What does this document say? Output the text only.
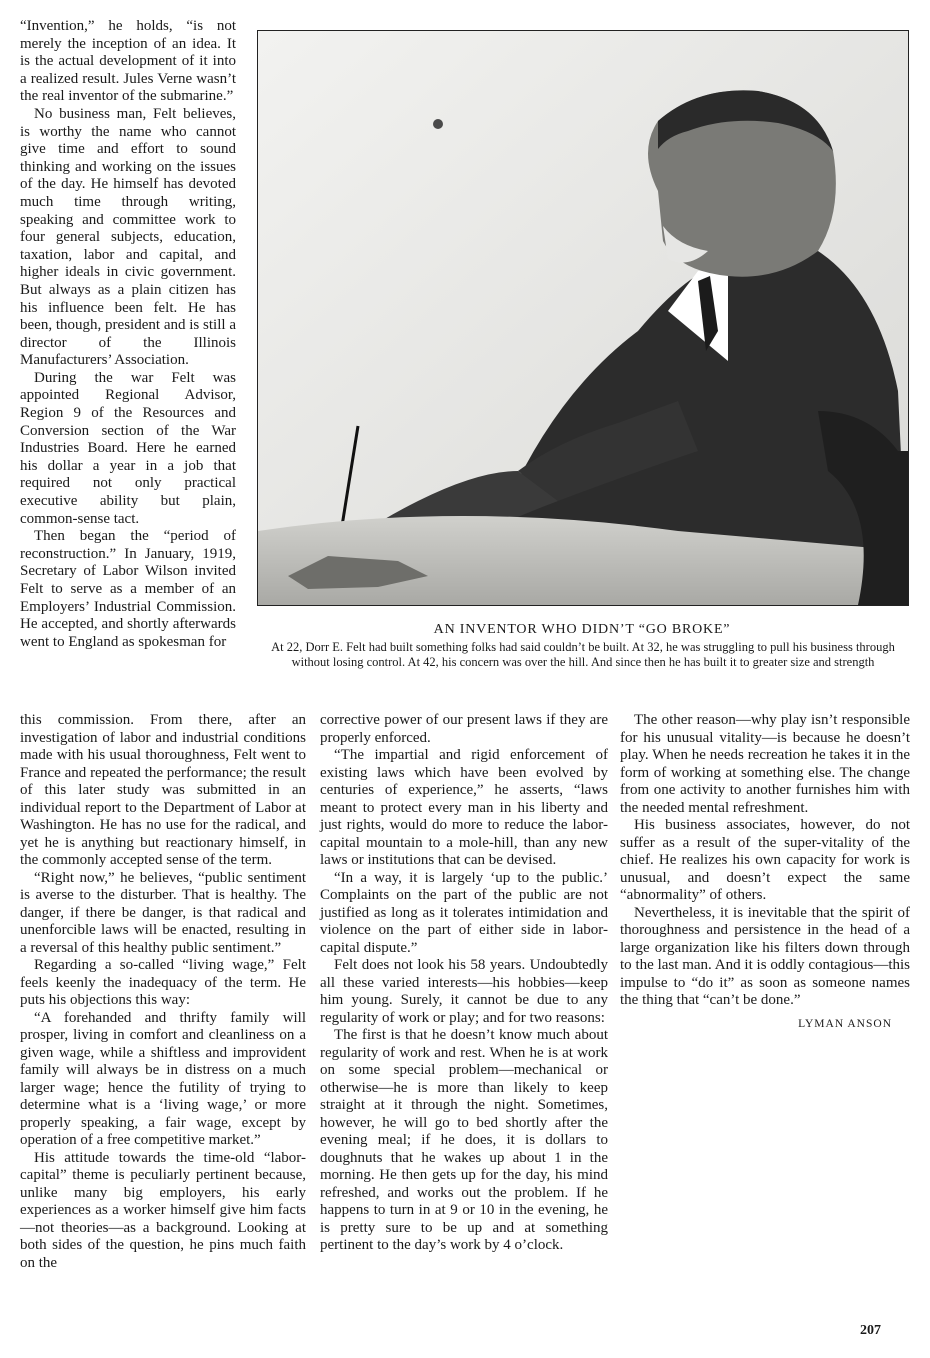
“Invention,” he holds, “is not merely the inception of an idea. It is the actual development of it into a realized result. Jules Verne wasn’t the real inventor of the submarine.”

No business man, Felt believes, is worthy the name who cannot give time and effort to sound thinking and working on the issues of the day. He himself has devoted much time through writing, speaking and committee work to four general subjects, education, taxation, labor and capital, and higher ideals in civic government. But always as a plain citizen has his influence been felt. He has been, though, president and is still a director of the Illinois Manufacturers’ Association.

During the war Felt was appointed Regional Advisor, Region 9 of the Resources and Conversion section of the War Industries Board. Here he earned his dollar a year in a job that required not only practical executive ability but plain, common-sense tact.

Then began the “period of reconstruction.” In January, 1919, Secretary of Labor Wilson invited Felt to serve as a member of an Employers’ Industrial Commission. He accepted, and shortly afterwards went to England as spokesman for

AN INVENTOR WHO DIDN’T “GO BROKE”
At 22, Dorr E. Felt had built something folks had said couldn’t be built. At 32, he was struggling to pull his business through without losing control. At 42, his concern was over the hill. And since then he has built it to greater size and strength

this commission. From there, after an investigation of labor and industrial conditions made with his usual thoroughness, Felt went to France and repeated the performance; the result of this later study was submitted in an individual report to the Department of Labor at Washington. He has no use for the radical, and yet he is anything but reactionary himself, in the commonly accepted sense of the term.

“Right now,” he believes, “public sentiment is averse to the disturber. That is healthy. The danger, if there be danger, is that radical and unenforcible laws will be enacted, resulting in a reversal of this healthy public sentiment.”

Regarding a so-called “living wage,” Felt feels keenly the inadequacy of the term. He puts his objections this way:

“A forehanded and thrifty family will prosper, living in comfort and cleanliness on a given wage, while a shiftless and improvident family will always be in distress on a much larger wage; hence the futility of trying to determine what is a ‘living wage,’ or more properly speaking, a fair wage, except by operation of a free competitive market.”

His attitude towards the time-old “labor-capital” theme is peculiarly pertinent because, unlike many big employers, his early experiences as a worker himself give him facts—not theories—as a background. Looking at both sides of the question, he pins much faith on the

corrective power of our present laws if they are properly enforced.

“The impartial and rigid enforcement of existing laws which have been evolved by centuries of experience,” he asserts, “laws meant to protect every man in his liberty and just rights, would do more to reduce the labor-capital mountain to a mole-hill, than any new laws or institutions that can be devised.

“In a way, it is largely ‘up to the public.’ Complaints on the part of the public are not justified as long as it tolerates intimidation and violence on the part of either side in labor-capital dispute.”

Felt does not look his 58 years. Undoubtedly all these varied interests—his hobbies—keep him young. Surely, it cannot be due to any regularity of work or play; and for two reasons:

The first is that he doesn’t know much about regularity of work and rest. When he is at work on some special problem—mechanical or otherwise—he is more than likely to keep straight at it through the night. Sometimes, however, he will go to bed shortly after the evening meal; if he does, it is dollars to doughnuts that he wakes up about 1 in the morning. He then gets up for the day, his mind refreshed, and works out the problem. If he happens to turn in at 9 or 10 in the evening, he is pretty sure to be up and at something pertinent to the day’s work by 4 o’clock.

The other reason—why play isn’t responsible for his unusual vitality—is because he doesn’t play. When he needs recreation he takes it in the form of working at something else. The change from one activity to another furnishes him with the needed mental refreshment.

His business associates, however, do not suffer as a result of the super-vitality of the chief. He realizes his own capacity for work is unusual, and doesn’t expect the same “abnormality” of others.

Nevertheless, it is inevitable that the spirit of thoroughness and persistence in the head of a large organization like his filters down through to the last man. And it is oddly contagious—this impulse to “do it” as soon as someone names the thing that “can’t be done.”

LYMAN ANSON
207
